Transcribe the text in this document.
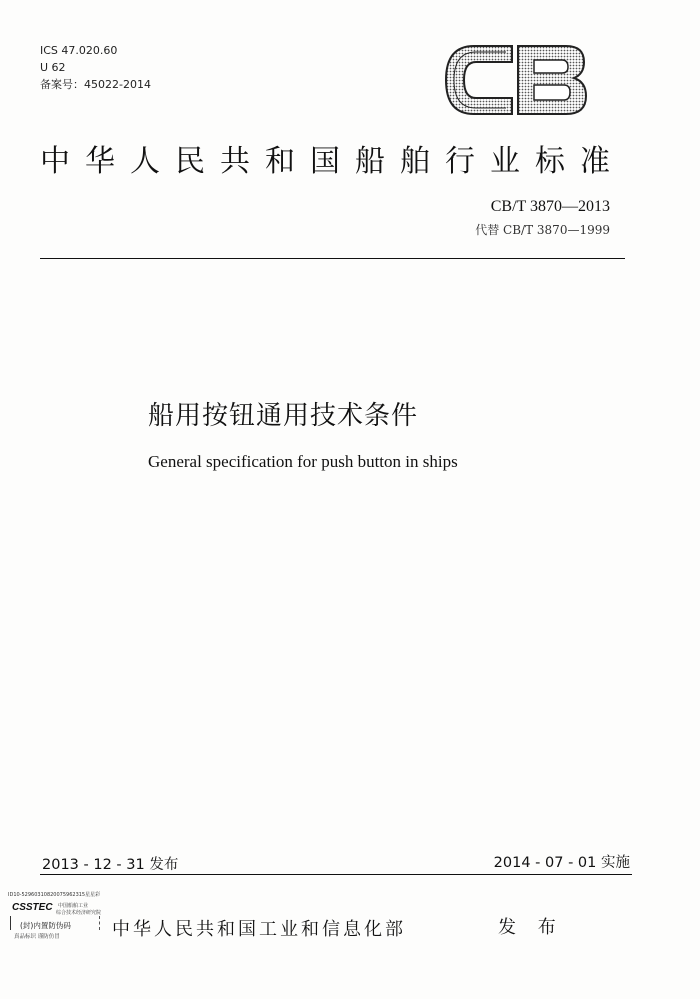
ICS 47.020.60
U 62
备案号：45022-2014
中华人民共和国船舶行业标准
CB/T 3870—2013
代替 CB/T 3870—1999
船用按钮通用技术条件
General specification for push button in ships
2013 - 12 - 31 发布	2014 - 07 - 01 实施
ID10-52960310820075962315星星彩
CSSTEC 中国船舶工业
综合技术经济研究院
(封)内置防伪码
真品标识 谨防仿冒	中华人民共和国工业和信息化部	发 布
